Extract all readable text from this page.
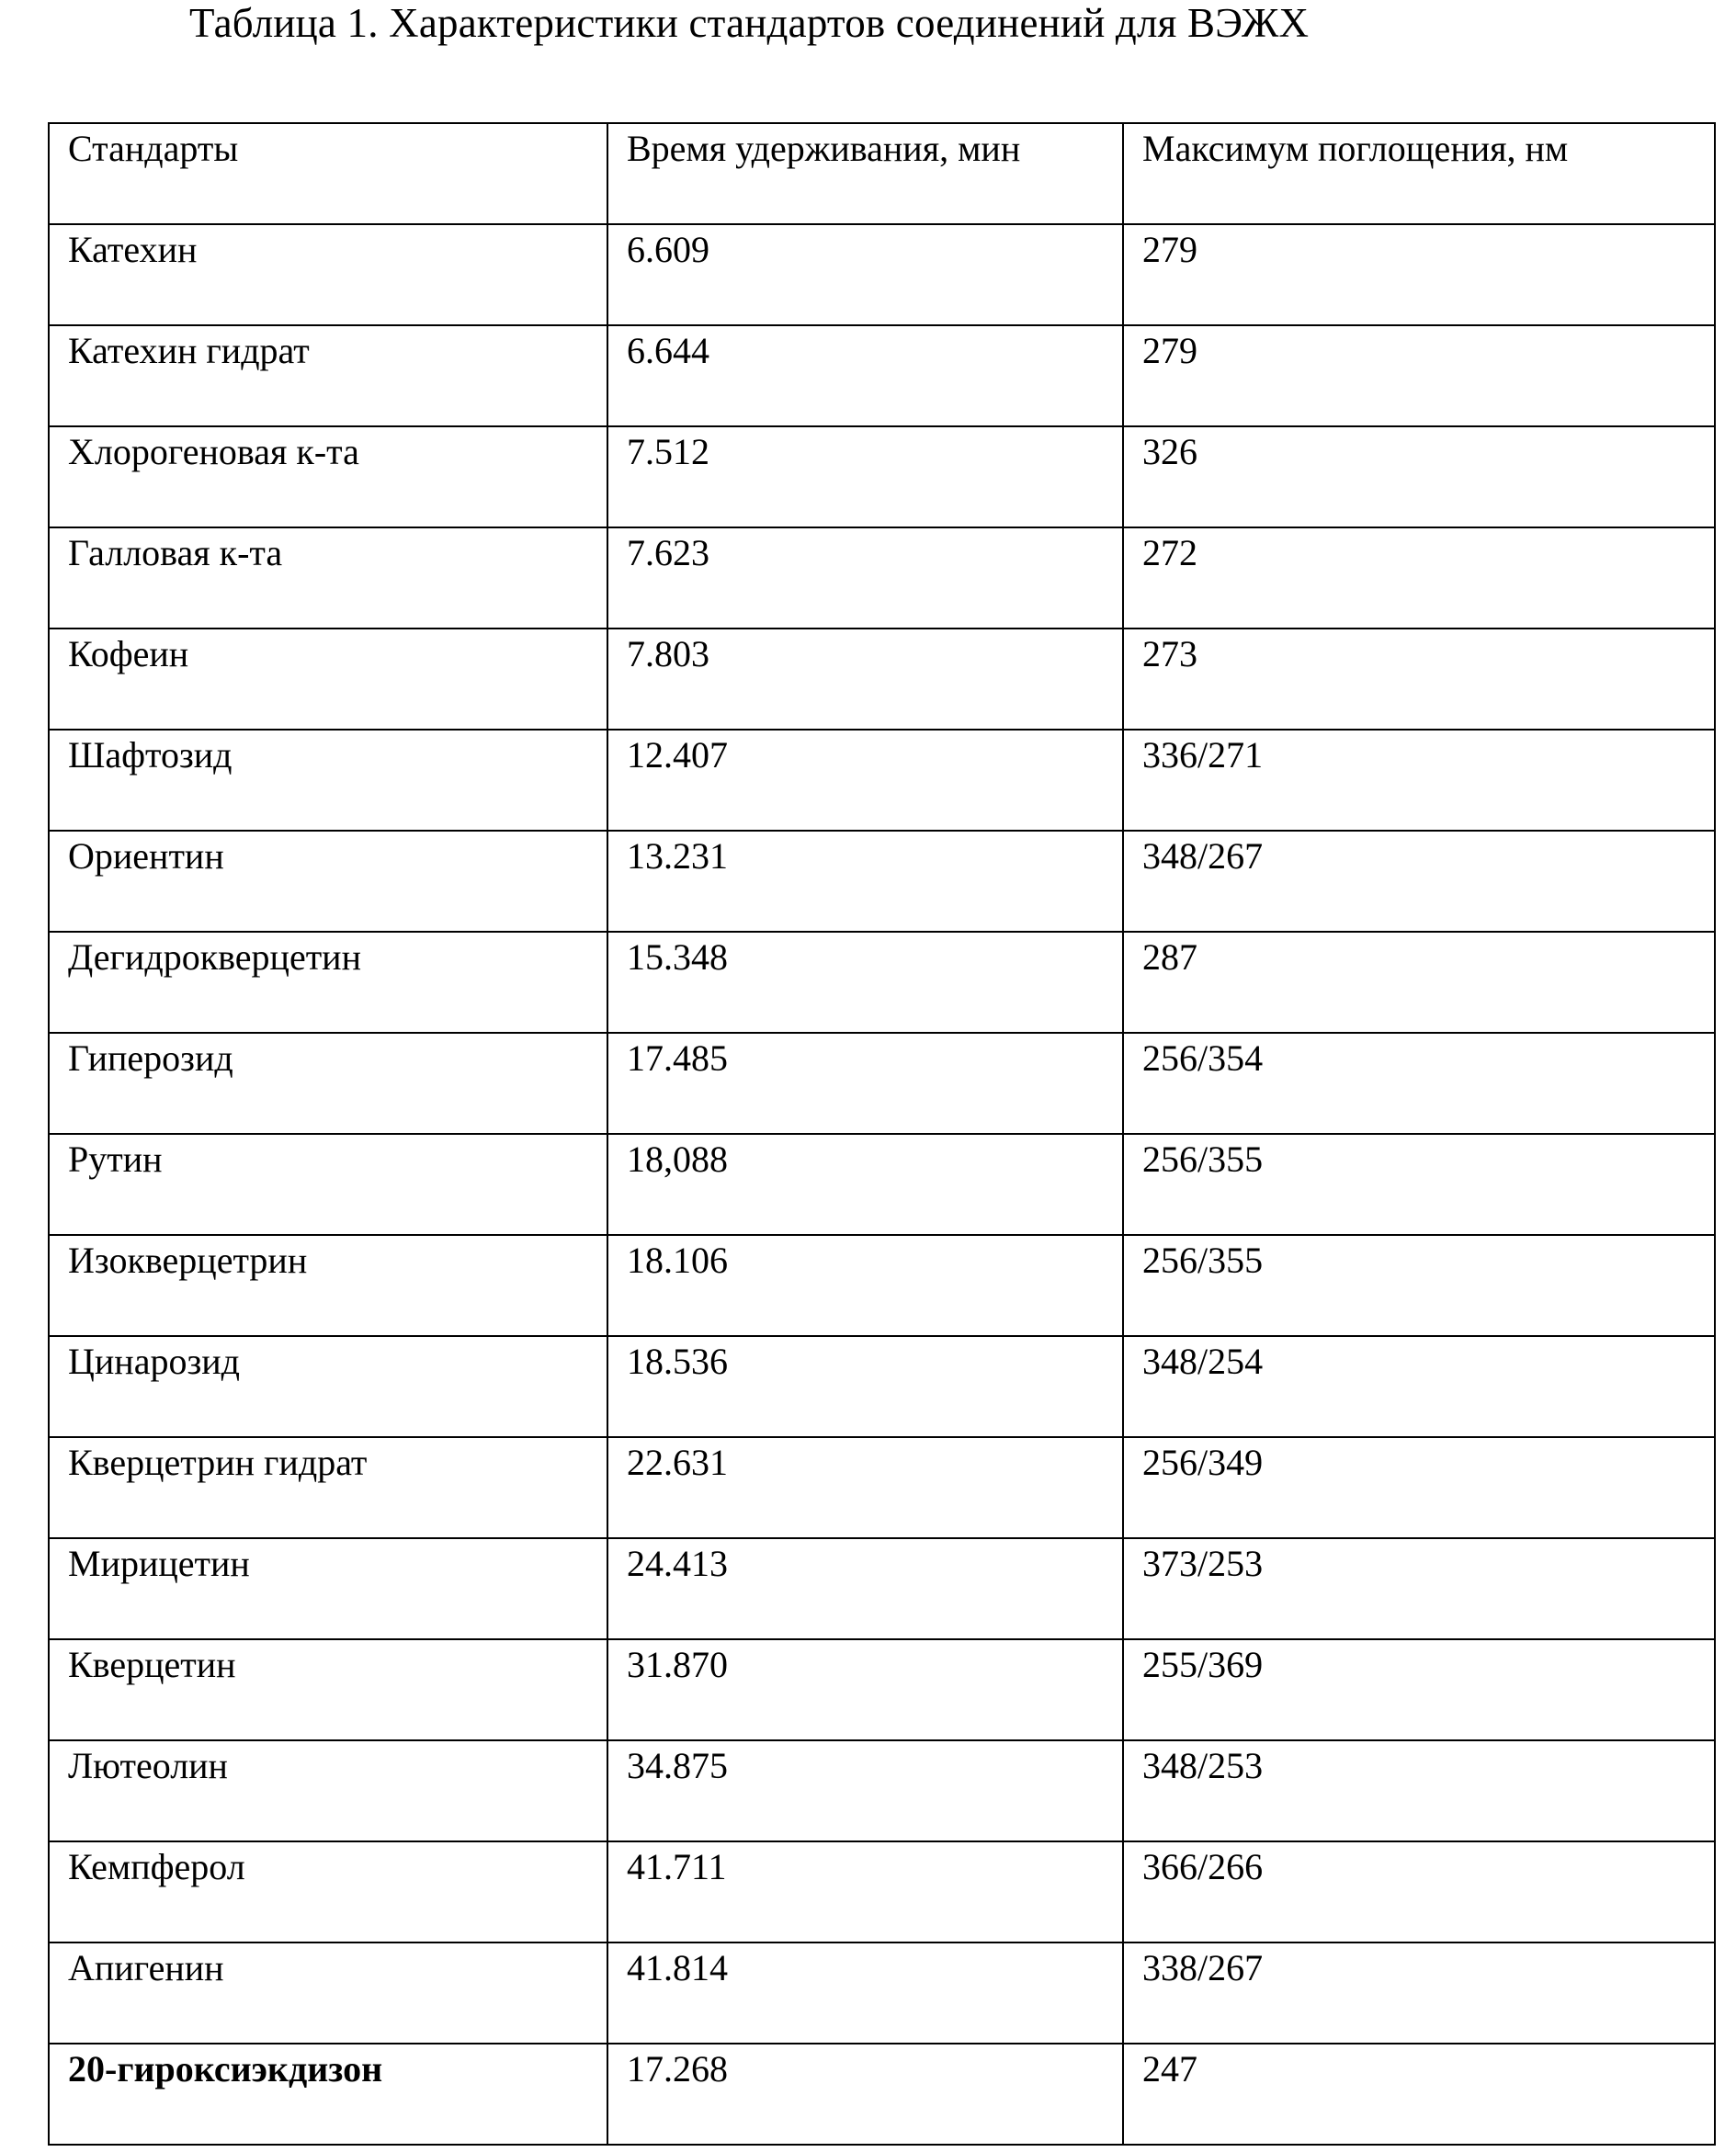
Таблица 1. Характеристики стандартов соединений для ВЭЖХ
Стандарты	Время удерживания, мин	Максимум поглощения, нм
Катехин	6.609	279
Катехин гидрат	6.644	279
Хлорогеновая к-та	7.512	326
Галловая к-та	7.623	272
Кофеин	7.803	273
Шафтозид	12.407	336/271
Ориентин	13.231	348/267
Дегидрокверцетин	15.348	287
Гиперозид	17.485	256/354
Рутин	18,088	256/355
Изокверцетрин	18.106	256/355
Цинарозид	18.536	348/254
Кверцетрин гидрат	22.631	256/349
Мирицетин	24.413	373/253
Кверцетин	31.870	255/369
Лютеолин	34.875	348/253
Кемпферол	41.711	366/266
Апигенин	41.814	338/267
20-гироксиэкдизон	17.268	247
